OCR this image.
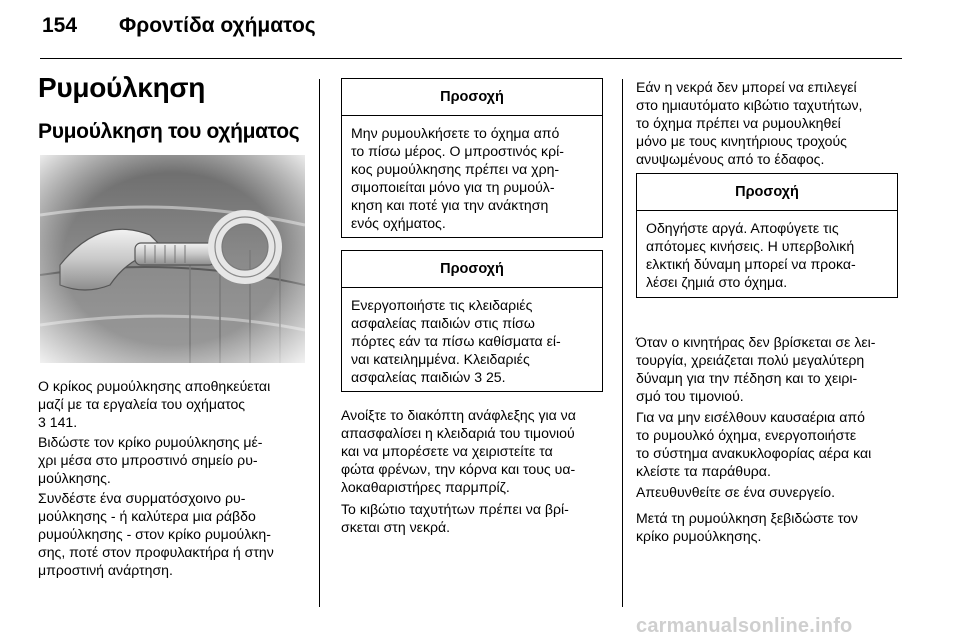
154 Φροντίδα οχήματος
Ρυμούλκηση
Ρυμούλκηση του οχήματος

Ο κρίκος ρυμούλκησης αποθηκεύεται

μαζί με τα εργαλεία του οχήματος

3 141.

Βιδώστε τον κρίκο ρυμούλκησης μέ-

χρι μέσα στο μπροστινό σημείο ρυ-

μούλκησης.

Συνδέστε ένα συρματόσχοινο ρυ-

μούλκησης - ή καλύτερα μια ράβδο

ρυμούλκησης - στον κρίκο ρυμούλκη-

σης, ποτέ στον προφυλακτήρα ή στην

μπροστινή ανάρτηση.

Προσοχή

Μην ρυμουλκήσετε το όχημα από

το πίσω μέρος. Ο μπροστινός κρί-

κος ρυμούλκησης πρέπει να χρη-

σιμοποιείται μόνο για τη ρυμούλ-

κηση και ποτέ για την ανάκτηση

ενός οχήματος.

Προσοχή

Ενεργοποιήστε τις κλειδαριές

ασφαλείας παιδιών στις πίσω

πόρτες εάν τα πίσω καθίσματα εί-

ναι κατειλημμένα. Κλειδαριές

ασφαλείας παιδιών 3 25.

Ανοίξτε το διακόπτη ανάφλεξης για να

απασφαλίσει η κλειδαριά του τιμονιού

και να μπορέσετε να χειριστείτε τα

φώτα φρένων, την κόρνα και τους υα-

λοκαθαριστήρες παρμπρίζ.

Το κιβώτιο ταχυτήτων πρέπει να βρί-

σκεται στη νεκρά.

Εάν η νεκρά δεν μπορεί να επιλεγεί

στο ημιαυτόματο κιβώτιο ταχυτήτων,

το όχημα πρέπει να ρυμουλκηθεί

μόνο με τους κινητήριους τροχούς

ανυψωμένους από το έδαφος.

Όταν ο κινητήρας δεν βρίσκεται σε λει-

τουργία, χρειάζεται πολύ μεγαλύτερη

δύναμη για την πέδηση και το χειρι-

σμό του τιμονιού.

Για να μην εισέλθουν καυσαέρια από

το ρυμουλκό όχημα, ενεργοποιήστε

το σύστημα ανακυκλοφορίας αέρα και

κλείστε τα παράθυρα.

Απευθυνθείτε σε ένα συνεργείο.

Μετά τη ρυμούλκηση ξεβιδώστε τον

κρίκο ρυμούλκησης.

Προσοχή

Οδηγήστε αργά. Αποφύγετε τις

απότομες κινήσεις. Η υπερβολική

ελκτική δύναμη μπορεί να προκα-

λέσει ζημιά στο όχημα.

carmanualsonline.info
